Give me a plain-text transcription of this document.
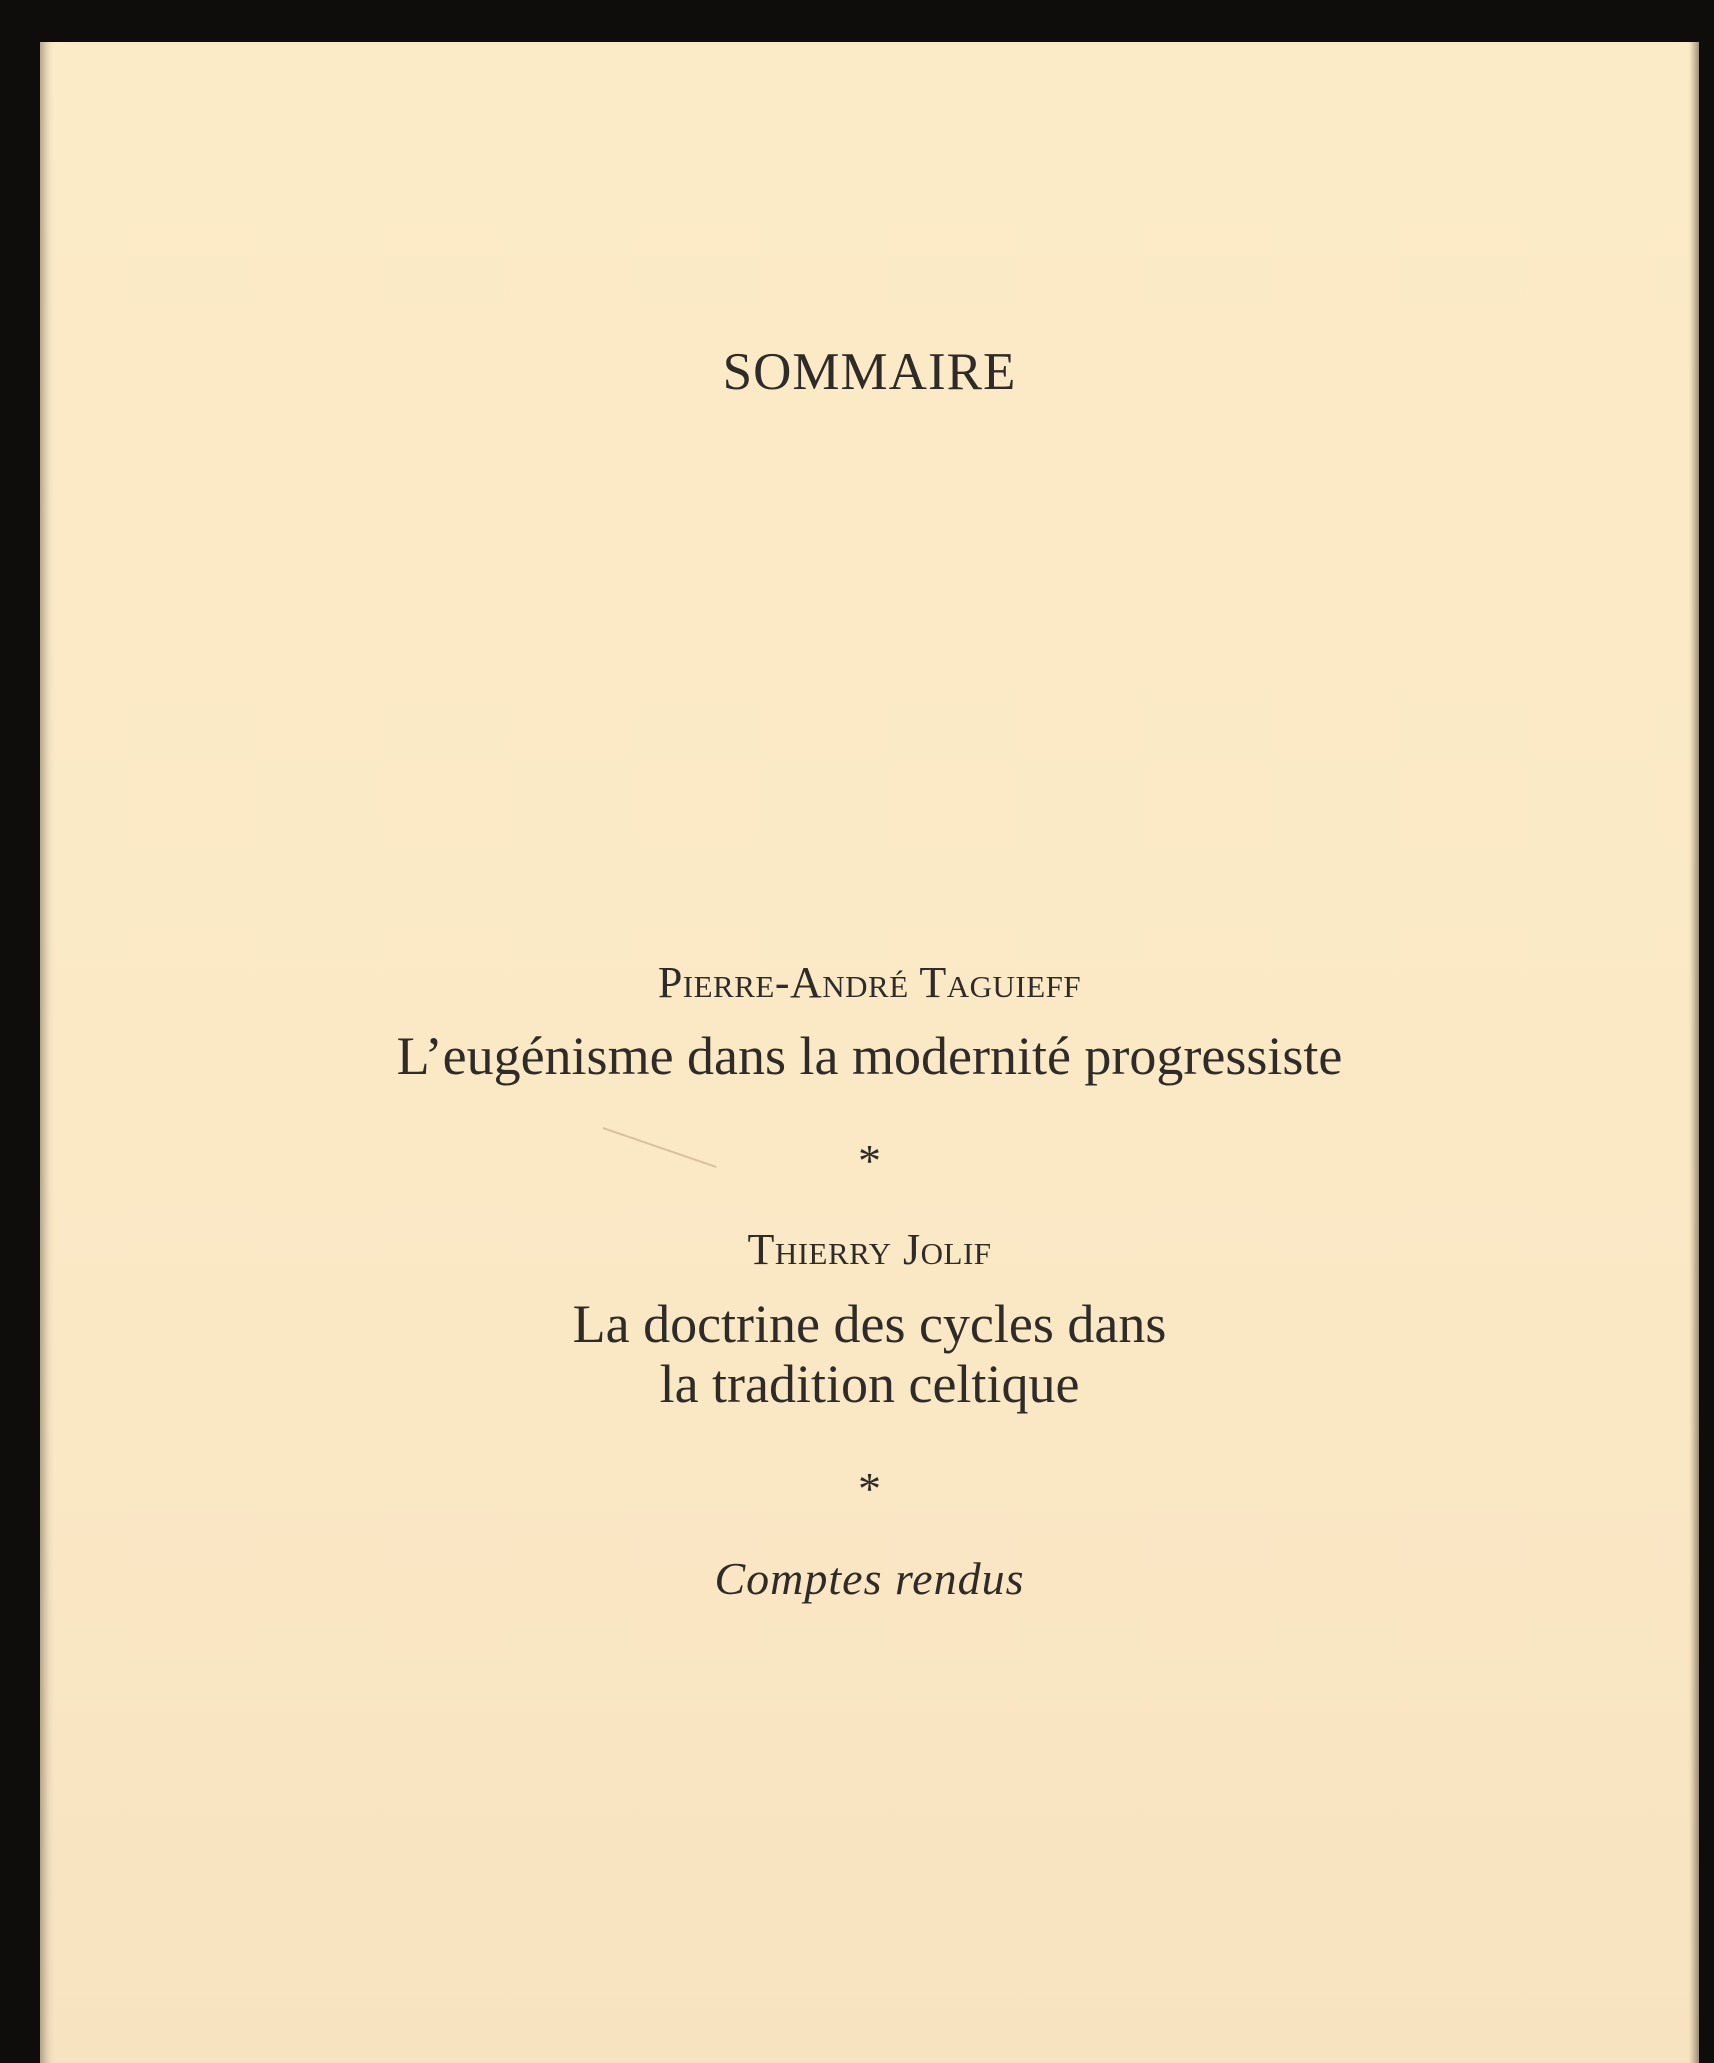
SOMMAIRE
Pierre-André Taguieff
L’eugénisme dans la modernité progressiste
*
Thierry Jolif
La doctrine des cycles dans
la tradition celtique
*
Comptes rendus
